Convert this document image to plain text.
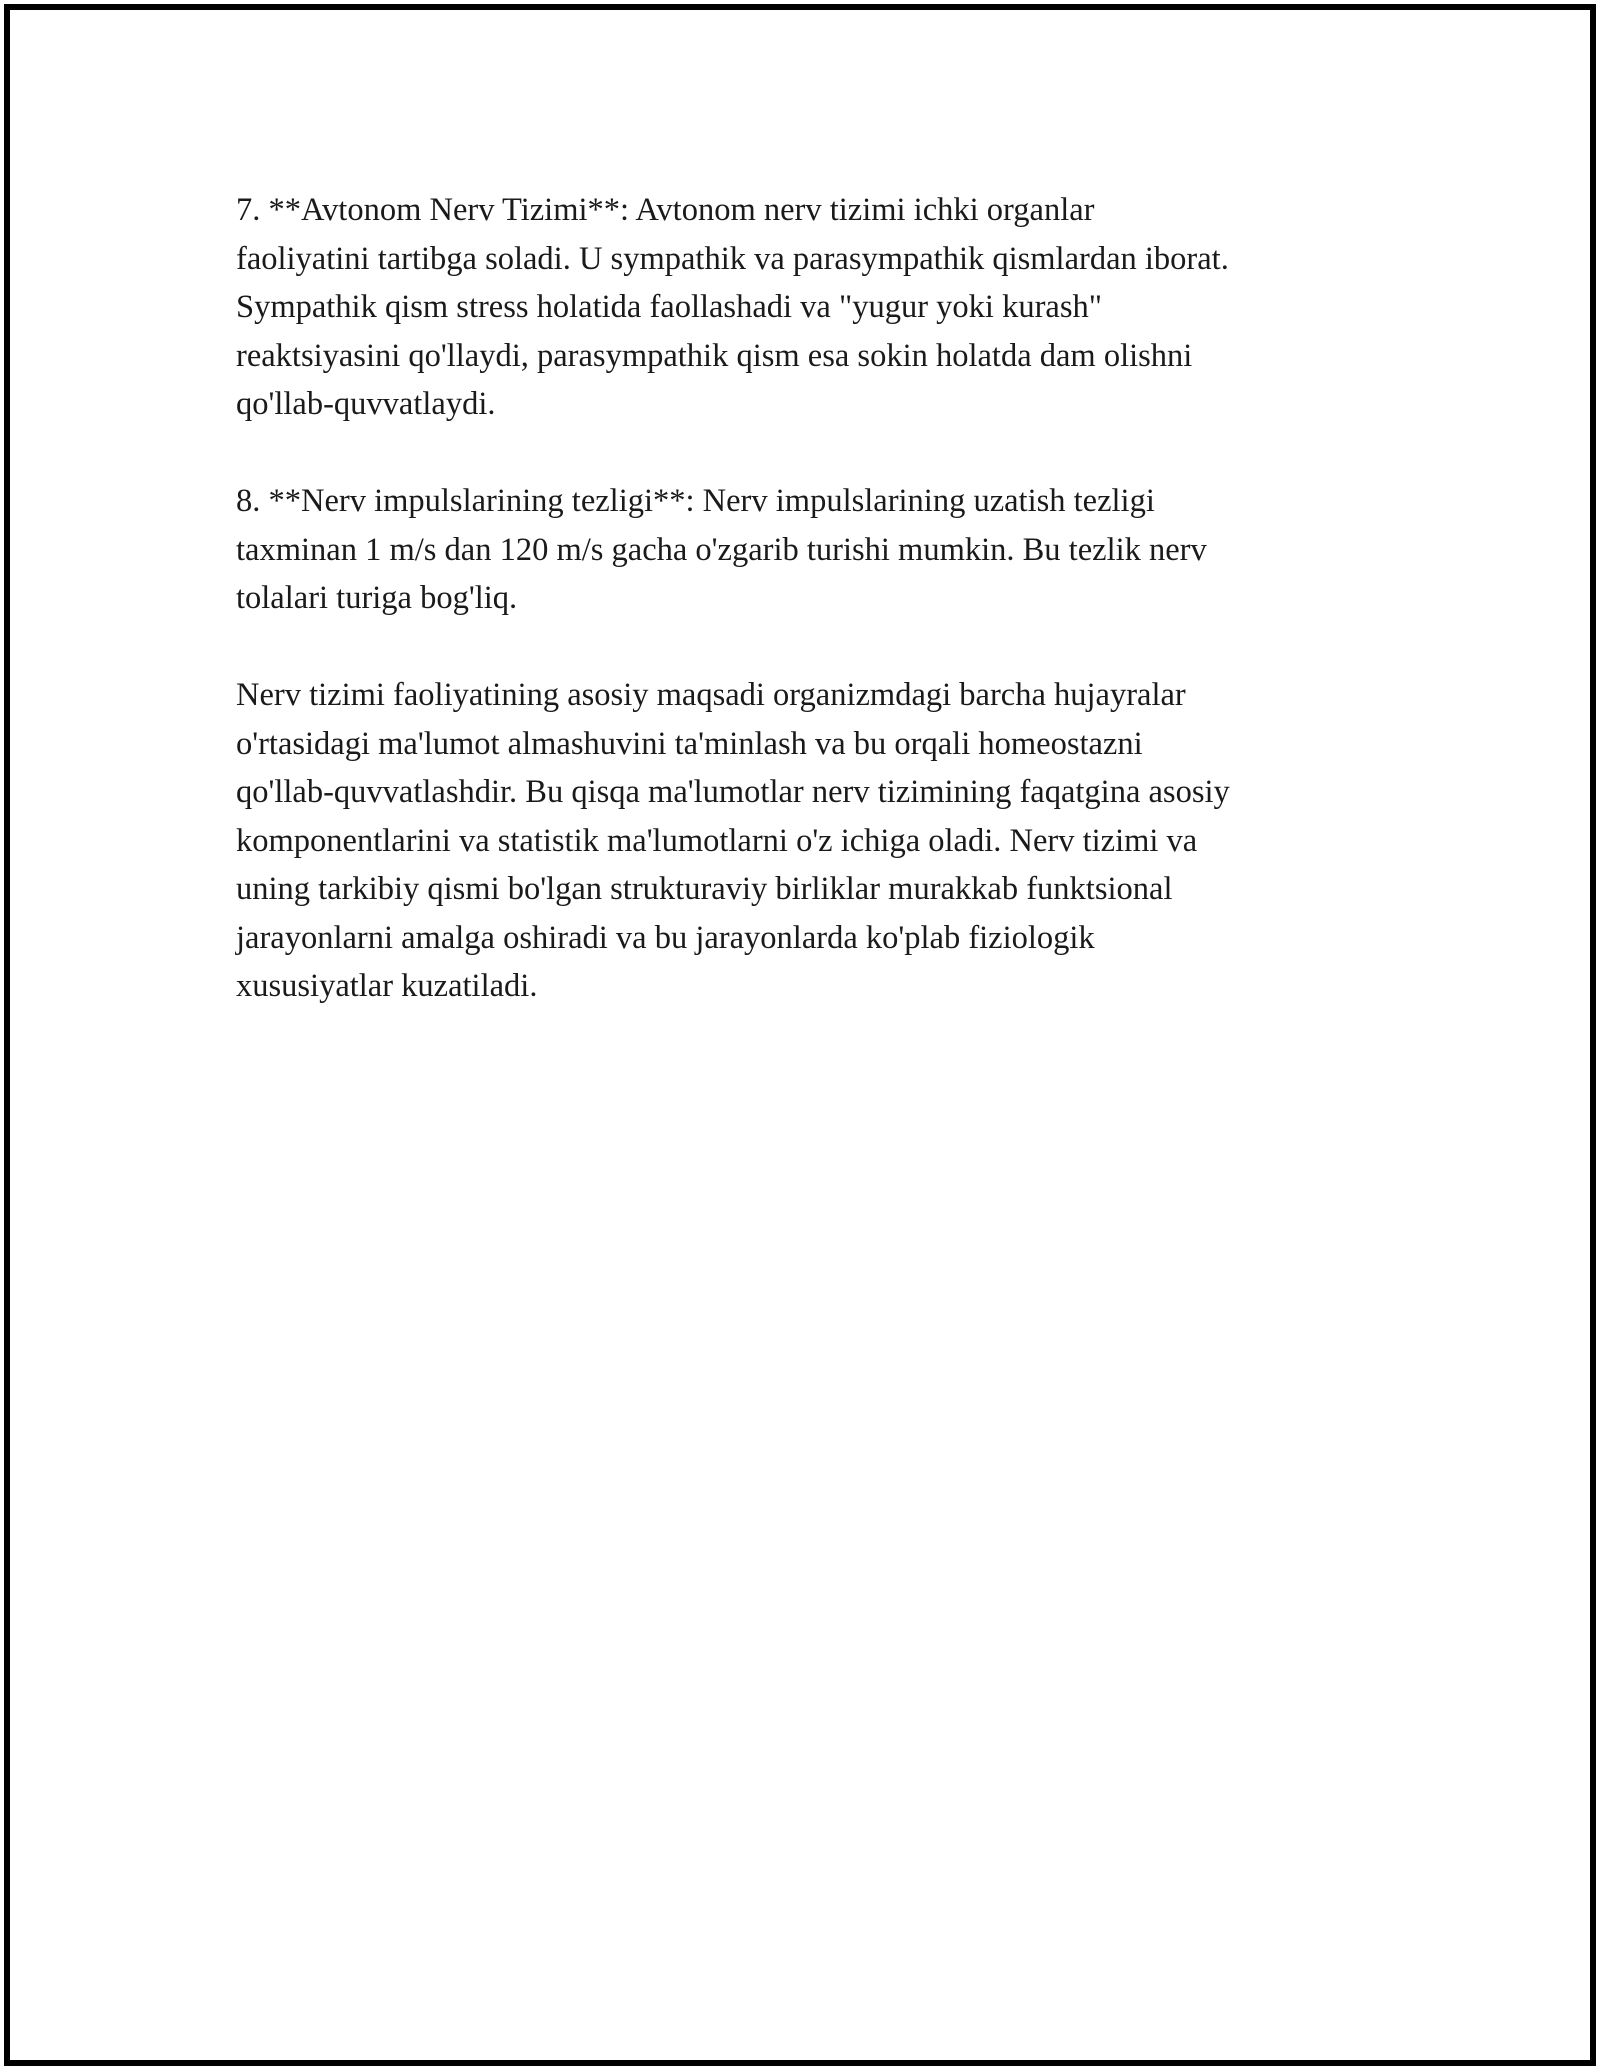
7. **Avtonom Nerv Tizimi**: Avtonom nerv tizimi ichki organlar
faoliyatini tartibga soladi. U sympathik va parasympathik qismlardan iborat.
Sympathik qism stress holatida faollashadi va "yugur yoki kurash"
reaktsiyasini qo'llaydi, parasympathik qism esa sokin holatda dam olishni
qo'llab-quvvatlaydi.

8. **Nerv impulslarining tezligi**: Nerv impulslarining uzatish tezligi
taxminan 1 m/s dan 120 m/s gacha o'zgarib turishi mumkin. Bu tezlik nerv
tolalari turiga bog'liq.

Nerv tizimi faoliyatining asosiy maqsadi organizmdagi barcha hujayralar
o'rtasidagi ma'lumot almashuvini ta'minlash va bu orqali homeostazni
qo'llab-quvvatlashdir. Bu qisqa ma'lumotlar nerv tizimining faqatgina asosiy
komponentlarini va statistik ma'lumotlarni o'z ichiga oladi. Nerv tizimi va
uning tarkibiy qismi bo'lgan strukturaviy birliklar murakkab funktsional
jarayonlarni amalga oshiradi va bu jarayonlarda ko'plab fiziologik
xususiyatlar kuzatiladi.
